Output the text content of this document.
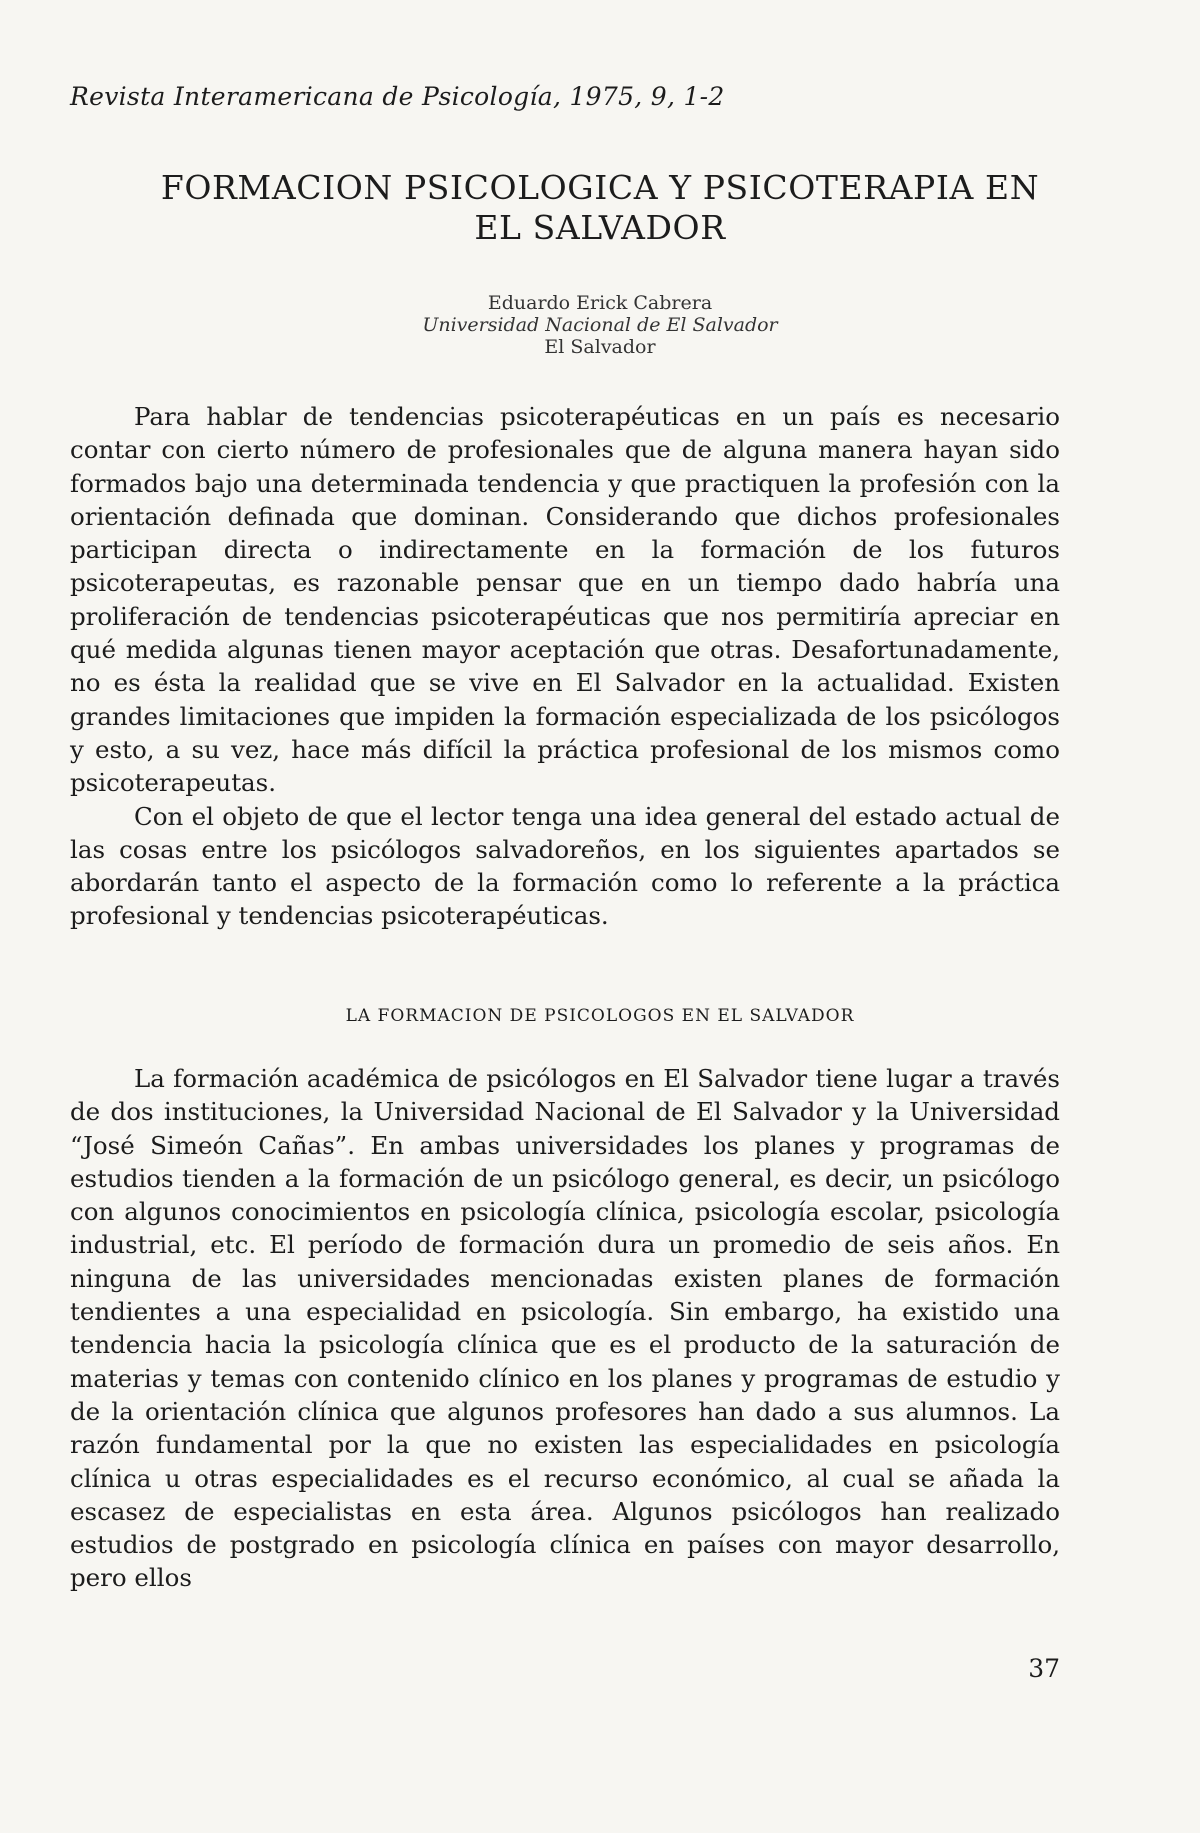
Revista Interamericana de Psicología, 1975, 9, 1-2
FORMACION PSICOLOGICA Y PSICOTERAPIA EN
EL SALVADOR
Eduardo Erick Cabrera
Universidad Nacional de El Salvador
El Salvador

Para hablar de tendencias psicoterapéuticas en un país es necesario contar con cierto número de profesionales que de alguna manera hayan sido formados bajo una determinada tendencia y que practiquen la profesión con la orientación definada que dominan. Considerando que dichos profesionales participan directa o indirectamente en la formación de los futuros psicoterapeutas, es razonable pensar que en un tiempo dado habría una proliferación de tendencias psicoterapéuticas que nos permitiría apreciar en qué medida algunas tienen mayor aceptación que otras. Desafortunadamente, no es ésta la realidad que se vive en El Salvador en la actualidad. Existen grandes limitaciones que impiden la formación especializada de los psicólogos y esto, a su vez, hace más difícil la práctica profesional de los mismos como psicoterapeutas.

Con el objeto de que el lector tenga una idea general del estado actual de las cosas entre los psicólogos salvadoreños, en los siguientes apartados se abordarán tanto el aspecto de la formación como lo referente a la práctica profesional y tendencias psicoterapéuticas.

LA FORMACION DE PSICOLOGOS EN EL SALVADOR

La formación académica de psicólogos en El Salvador tiene lugar a través de dos instituciones, la Universidad Nacional de El Salvador y la Universidad “José Simeón Cañas”. En ambas universidades los planes y programas de estudios tienden a la formación de un psicólogo general, es decir, un psicólogo con algunos conocimientos en psicología clínica, psicología escolar, psicología industrial, etc. El período de formación dura un promedio de seis años. En ninguna de las universidades mencionadas existen planes de formación tendientes a una especialidad en psicología. Sin embargo, ha existido una tendencia hacia la psicología clínica que es el producto de la saturación de materias y temas con contenido clínico en los planes y programas de estudio y de la orientación clínica que algunos profesores han dado a sus alumnos. La razón fundamental por la que no existen las especialidades en psicología clínica u otras especialidades es el recurso económico, al cual se añada la escasez de especialistas en esta área. Algunos psicólogos han realizado estudios de postgrado en psicología clínica en países con mayor desarrollo, pero ellos

37
